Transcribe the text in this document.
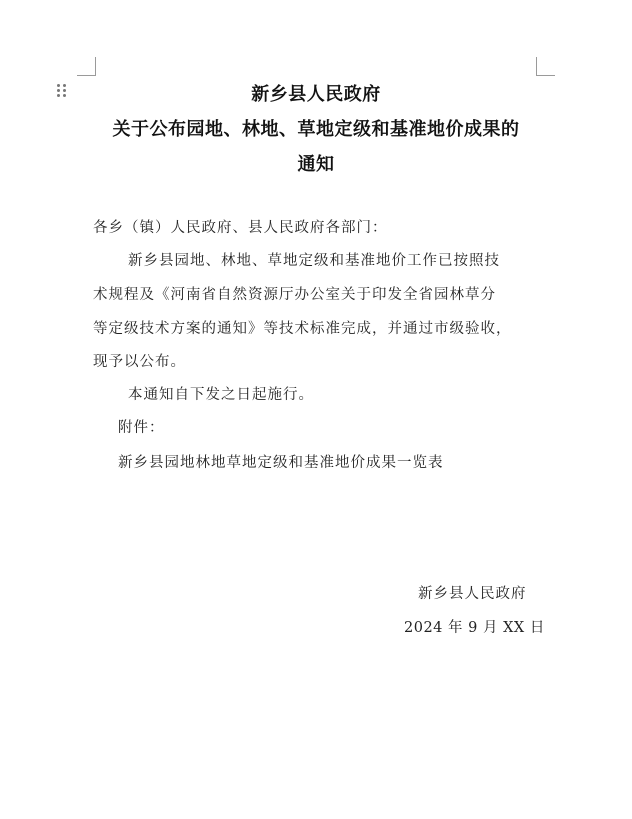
新乡县人民政府
关于公布园地、林地、草地定级和基准地价成果的
通知
各乡（镇）人民政府、县人民政府各部门：
新乡县园地、林地、草地定级和基准地价工作已按照技
术规程及《河南省自然资源厅办公室关于印发全省园林草分
等定级技术方案的通知》等技术标准完成，并通过市级验收，
现予以公布。
本通知自下发之日起施行。
附件：
新乡县园地林地草地定级和基准地价成果一览表
新乡县人民政府
2024 年 9 月 XX 日
